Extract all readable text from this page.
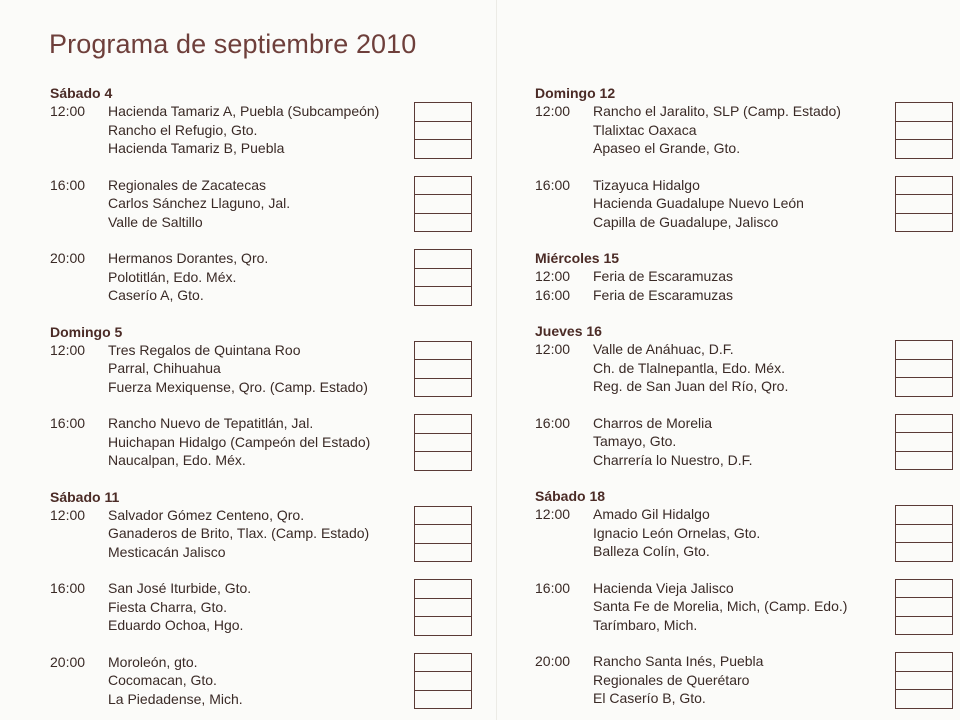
Programa de septiembre 2010
Sábado 4
12:00	Hacienda Tamariz A, Puebla (Subcampeón)
Rancho el Refugio, Gto.
Hacienda Tamariz B, Puebla
16:00	Regionales de Zacatecas
Carlos Sánchez Llaguno, Jal.
Valle de Saltillo
20:00	Hermanos Dorantes, Qro.
Polotitlán, Edo. Méx.
Caserío A, Gto.
Domingo 5
12:00	Tres Regalos de Quintana Roo
Parral, Chihuahua
Fuerza Mexiquense, Qro. (Camp. Estado)
16:00	Rancho Nuevo de Tepatitlán, Jal.
Huichapan Hidalgo (Campeón del Estado)
Naucalpan, Edo. Méx.
Sábado 11
12:00	Salvador Gómez Centeno, Qro.
Ganaderos de Brito, Tlax. (Camp. Estado)
Mesticacán Jalisco
16:00	San José Iturbide, Gto.
Fiesta Charra, Gto.
Eduardo Ochoa, Hgo.
20:00	Moroleón, gto.
Cocomacan, Gto.
La Piedadense, Mich.
Domingo 12
12:00	Rancho el Jaralito, SLP (Camp. Estado)
Tlalixtac Oaxaca
Apaseo el Grande, Gto.
16:00	Tizayuca Hidalgo
Hacienda Guadalupe Nuevo León
Capilla de Guadalupe, Jalisco
Miércoles 15
12:00	Feria de Escaramuzas
16:00	Feria de Escaramuzas
Jueves 16
12:00	Valle de Anáhuac, D.F.
Ch. de Tlalnepantla, Edo. Méx.
Reg. de San Juan del Río, Qro.
16:00	Charros de Morelia
Tamayo, Gto.
Charrería lo Nuestro, D.F.
Sábado 18
12:00	Amado Gil Hidalgo
Ignacio León Ornelas, Gto.
Balleza Colín, Gto.
16:00	Hacienda Vieja Jalisco
Santa Fe de Morelia, Mich, (Camp. Edo.)
Tarímbaro, Mich.
20:00	Rancho Santa Inés, Puebla
Regionales de Querétaro
El Caserío B, Gto.
